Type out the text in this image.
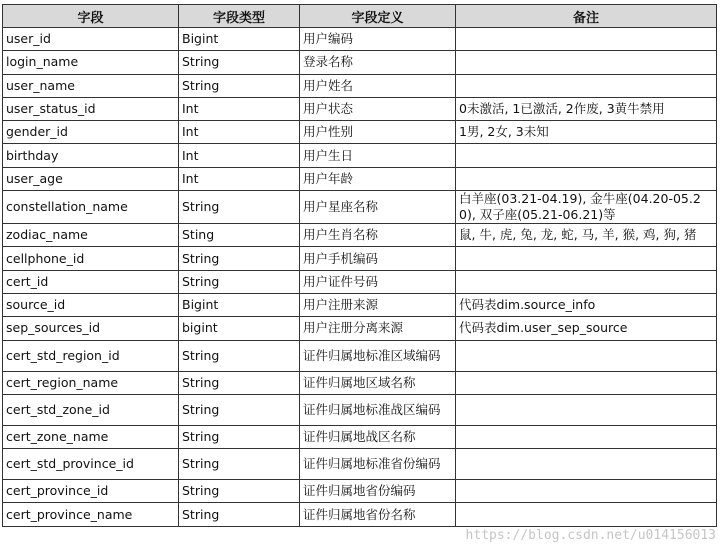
字段	字段类型	字段定义	备注
user_id	Bigint	用户编码	
login_name	String	登录名称	
user_name	String	用户姓名	
user_status_id	Int	用户状态	0未激活, 1已激活, 2作废, 3黄牛禁用
gender_id	Int	用户性别	1男, 2女, 3未知
birthday	Int	用户生日	
user_age	Int	用户年龄	
constellation_name	String	用户星座名称	白羊座(03.21-04.19), 金牛座(04.20-05.20), 双子座(05.21-06.21)等
zodiac_name	Sting	用户生肖名称	鼠, 牛, 虎, 兔, 龙, 蛇, 马, 羊, 猴, 鸡, 狗, 猪
cellphone_id	String	用户手机编码	
cert_id	String	用户证件号码	
source_id	Bigint	用户注册来源	代码表dim.source_info
sep_sources_id	bigint	用户注册分离来源	代码表dim.user_sep_source
cert_std_region_id	String	证件归属地标准区域编码	
cert_region_name	String	证件归属地区域名称	
cert_std_zone_id	String	证件归属地标准战区编码	
cert_zone_name	String	证件归属地战区名称	
cert_std_province_id	String	证件归属地标准省份编码	
cert_province_id	String	证件归属地省份编码	
cert_province_name	String	证件归属地省份名称	
https://blog.csdn.net/u014156013
